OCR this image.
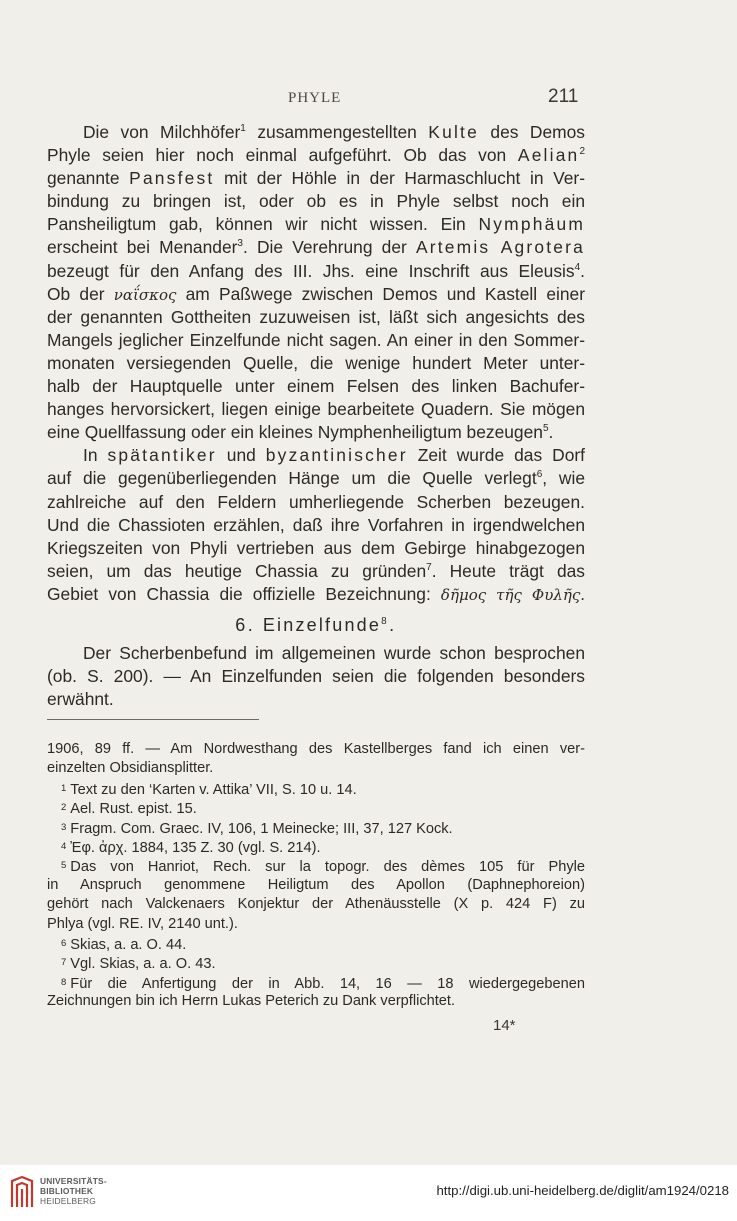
PHYLE	211
Die von Milchhöfer$^1$ zusammengestellten Kulte des Demos
Phyle seien hier noch einmal aufgeführt. Ob das von Aelian$^2$
genannte Pansfest mit der Höhle in der Harmaschlucht in Ver-
bindung zu bringen ist, oder ob es in Phyle selbst noch ein
Pansheiligtum gab, können wir nicht wissen. Ein Nymphäum
erscheint bei Menander$^3$. Die Verehrung der Artemis Agrotera
bezeugt für den Anfang des III. Jhs. eine Inschrift aus Eleusis$^4$.
Ob der ναΐσκος am Paßwege zwischen Demos und Kastell einer
der genannten Gottheiten zuzuweisen ist, läßt sich angesichts des
Mangels jeglicher Einzelfunde nicht sagen. An einer in den Sommer-
monaten versiegenden Quelle, die wenige hundert Meter unter-
halb der Hauptquelle unter einem Felsen des linken Bachufer-
hanges hervorsickert, liegen einige bearbeitete Quadern. Sie mögen
eine Quellfassung oder ein kleines Nymphenheiligtum bezeugen$^5$.
In spätantiker und byzantinischer Zeit wurde das Dorf
auf die gegenüberliegenden Hänge um die Quelle verlegt$^6$, wie
zahlreiche auf den Feldern umherliegende Scherben bezeugen.
Und die Chassioten erzählen, daß ihre Vorfahren in irgendwelchen
Kriegszeiten von Phyli vertrieben aus dem Gebirge hinabgezogen
seien, um das heutige Chassia zu gründen$^7$. Heute trägt das
Gebiet von Chassia die offizielle Bezeichnung: δῆμος τῆς Φυλῆς.
6. Einzelfunde$^8$.
Der Scherbenbefund im allgemeinen wurde schon besprochen
(ob. S. 200). — An Einzelfunden seien die folgenden besonders
erwähnt.
1906, 89 ff. — Am Nordwesthang des Kastellberges fand ich einen ver-
einzelten Obsidiansplitter.
$^1$ Text zu den ‘Karten v. Attika’ VII, S. 10 u. 14.
$^2$ Ael. Rust. epist. 15.
$^3$ Fragm. Com. Graec. IV, 106, 1 Meinecke; III, 37, 127 Kock.
$^4$ Ἐφ. ἀρχ. 1884, 135 Z. 30 (vgl. S. 214).
$^5$ Das von Hanriot, Rech. sur la topogr. des dèmes 105 für Phyle
in Anspruch genommene Heiligtum des Apollon (Daphnephoreion)
gehört nach Valckenaers Konjektur der Athenäusstelle (X p. 424 F) zu
Phlya (vgl. RE. IV, 2140 unt.).
$^6$ Skias, a. a. O. 44.
$^7$ Vgl. Skias, a. a. O. 43.
$^8$ Für die Anfertigung der in Abb. 14, 16 — 18 wiedergegebenen
Zeichnungen bin ich Herrn Lukas Peterich zu Dank verpflichtet.
14*
UNIVERSITÄTS-
BIBLIOTHEK
HEIDELBERG
http://digi.ub.uni-heidelberg.de/diglit/am1924/0218
